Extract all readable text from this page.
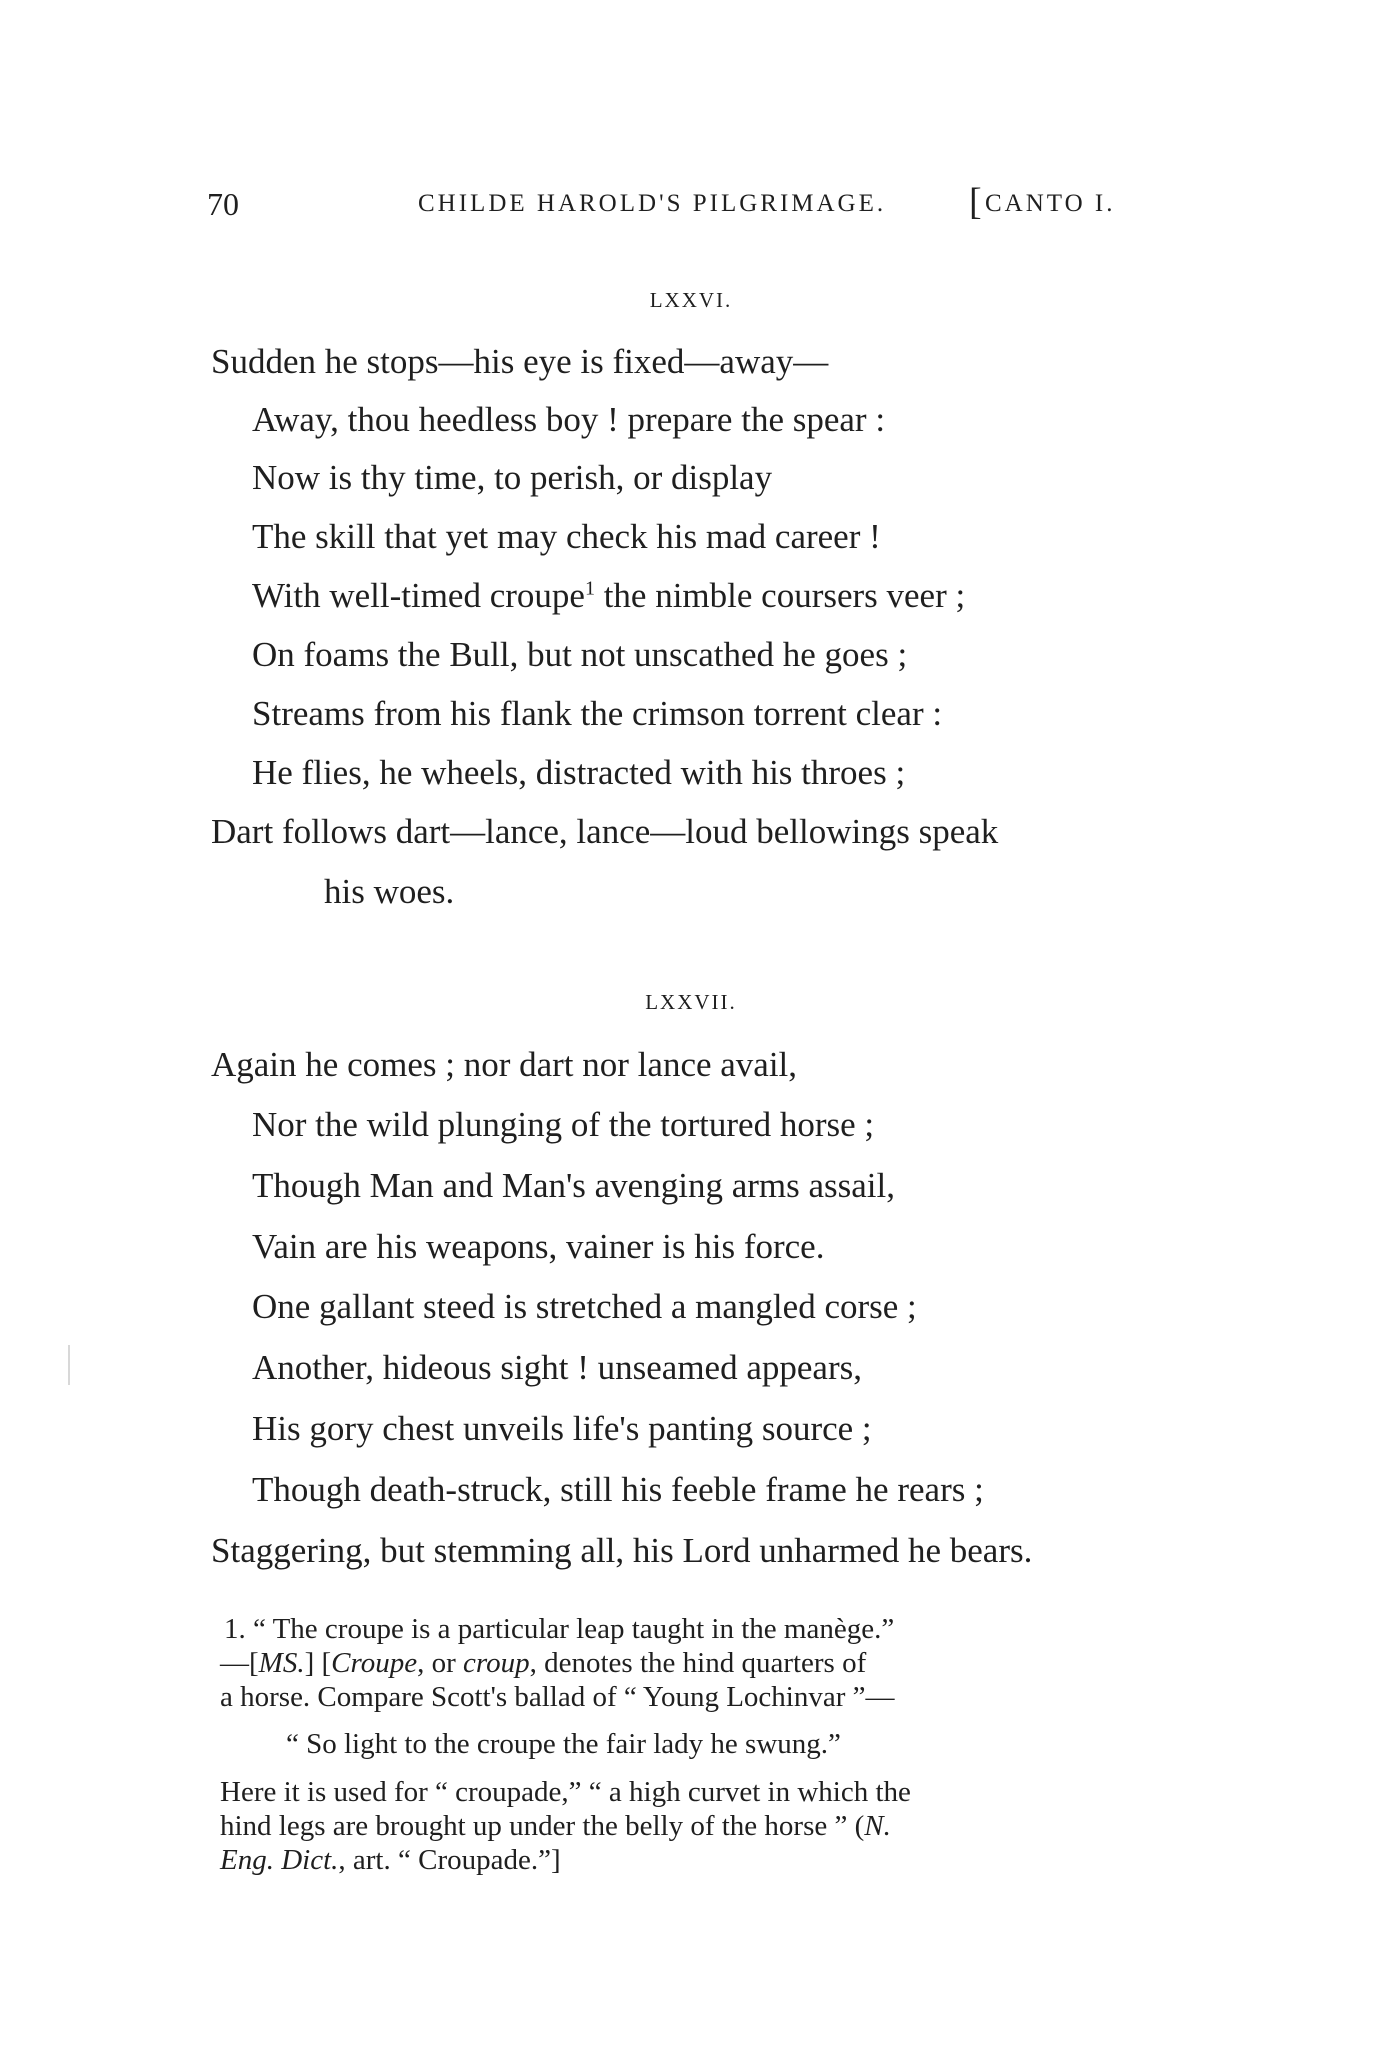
70	CHILDE HAROLD'S PILGRIMAGE.
[	CANTO I.
LXXVI.
Sudden he stops—his eye is fixed—away—
Away, thou heedless boy ! prepare the spear :
Now is thy time, to perish, or display
The skill that yet may check his mad career !
With well-timed croupe$^1$ the nimble coursers veer ;
On foams the Bull, but not unscathed he goes ;
Streams from his flank the crimson torrent clear :
He flies, he wheels, distracted with his throes ;
Dart follows dart—lance, lance—loud bellowings speak
his woes.
LXXVII.
Again he comes ; nor dart nor lance avail,
Nor the wild plunging of the tortured horse ;
Though Man and Man's avenging arms assail,
Vain are his weapons, vainer is his force.
One gallant steed is stretched a mangled corse ;
Another, hideous sight ! unseamed appears,
His gory chest unveils life's panting source ;
Though death-struck, still his feeble frame he rears ;
Staggering, but stemming all, his Lord unharmed he bears.
1. “ The croupe is a particular leap taught in the manège.”
—[MS.] [Croupe, or croup, denotes the hind quarters of
a horse. Compare Scott's ballad of “ Young Lochinvar ”—
“ So light to the croupe the fair lady he swung.”
Here it is used for “ croupade,” “ a high curvet in which the
hind legs are brought up under the belly of the horse ” (N.
Eng. Dict., art. “ Croupade.”]
